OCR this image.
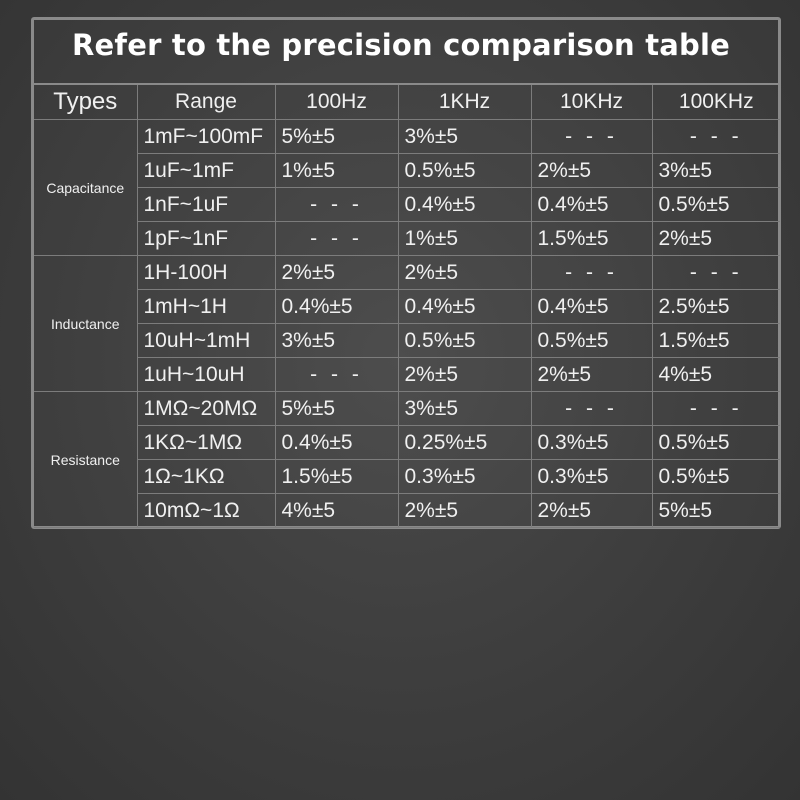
Refer to the precision comparison table
Types	Range	100Hz	1KHz	10KHz	100KHz
Capacitance	1mF~100mF	5%±5	3%±5	- - -	- - -
	1uF~1mF	1%±5	0.5%±5	2%±5	3%±5
	1nF~1uF	- - -	0.4%±5	0.4%±5	0.5%±5
	1pF~1nF	- - -	1%±5	1.5%±5	2%±5
Inductance	1H-100H	2%±5	2%±5	- - -	- - -
	1mH~1H	0.4%±5	0.4%±5	0.4%±5	2.5%±5
	10uH~1mH	3%±5	0.5%±5	0.5%±5	1.5%±5
	1uH~10uH	- - -	2%±5	2%±5	4%±5
Resistance	1MΩ~20MΩ	5%±5	3%±5	- - -	- - -
	1KΩ~1MΩ	0.4%±5	0.25%±5	0.3%±5	0.5%±5
	1Ω~1KΩ	1.5%±5	0.3%±5	0.3%±5	0.5%±5
	10mΩ~1Ω	4%±5	2%±5	2%±5	5%±5
